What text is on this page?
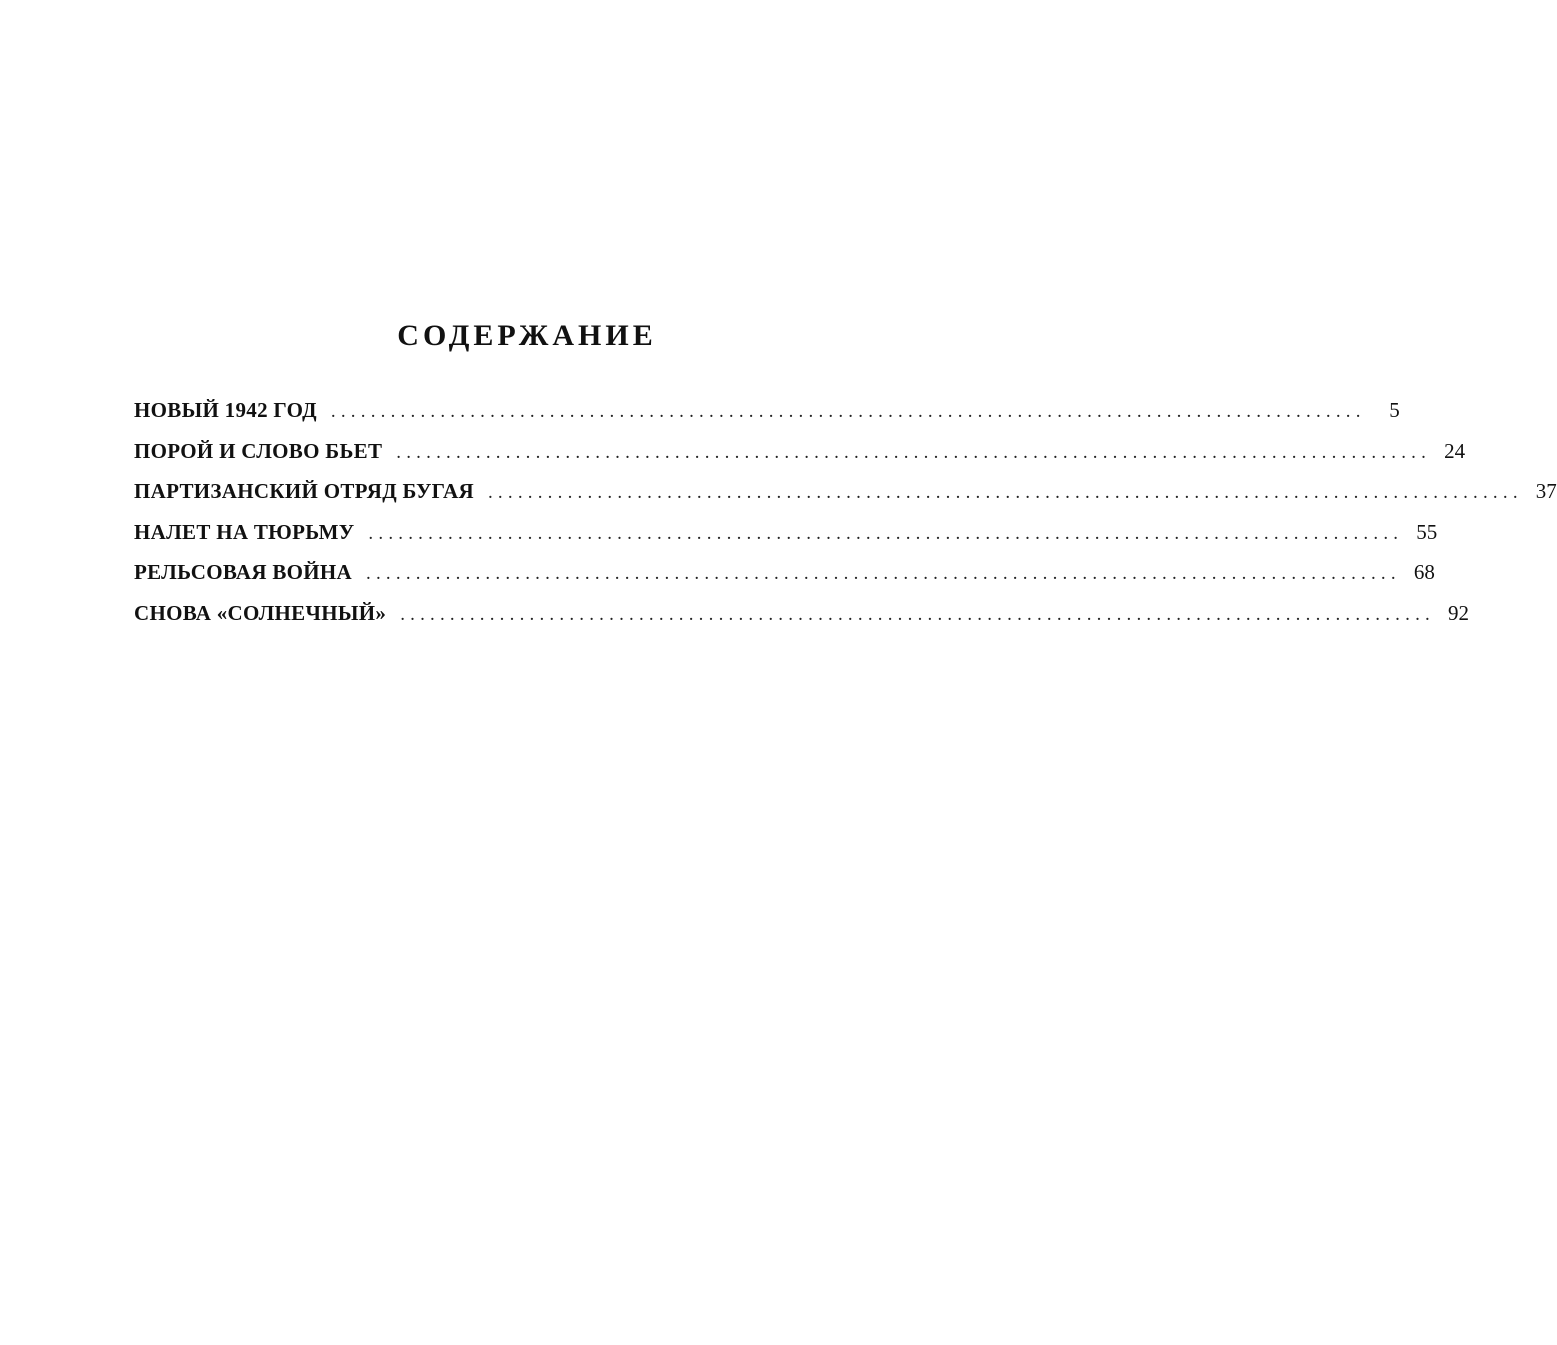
СОДЕРЖАНИЕ
НОВЫЙ 1942 ГОД ........................................................................................................	5
ПОРОЙ И СЛОВО БЬЕТ ........................................................................................................ 24
ПАРТИЗАНСКИЙ ОТРЯД БУГАЯ ........................................................................................................ 37
НАЛЕТ НА ТЮРЬМУ ........................................................................................................ 55
РЕЛЬСОВАЯ ВОЙНА ........................................................................................................ 68
СНОВА «СОЛНЕЧНЫЙ» ........................................................................................................ 92
